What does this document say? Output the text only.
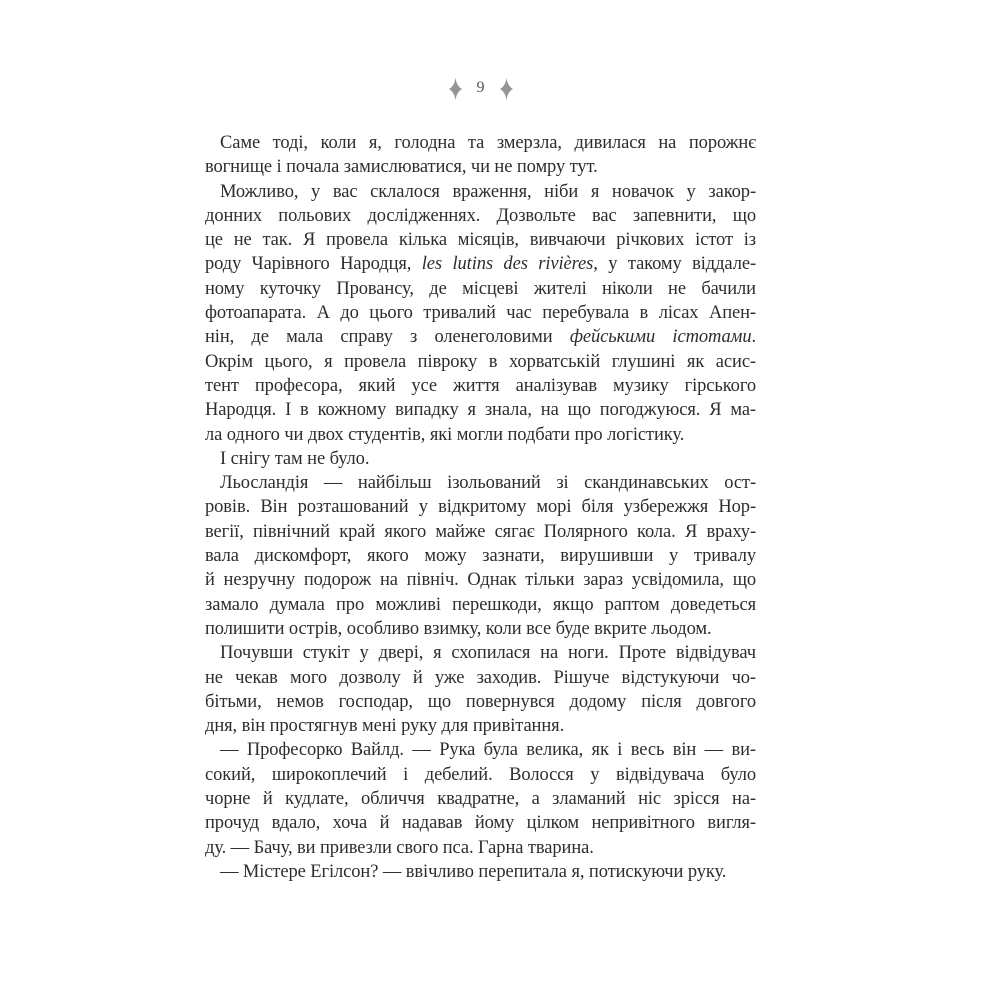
9
Саме тоді, коли я, голодна та змерзла, дивилася на порожнє
вогнище і почала замислюватися, чи не помру тут.
Можливо, у вас склалося враження, ніби я новачок у закор-
донних польових дослідженнях. Дозвольте вас запевнити, що
це не так. Я провела кілька місяців, вивчаючи річкових істот із
роду Чарівного Народця, les lutins des rivières, у такому віддале-
ному куточку Провансу, де місцеві жителі ніколи не бачили
фотоапарата. А до цього тривалий час перебувала в лісах Апен-
нін, де мала справу з оленеголовими фейськими істотами.
Окрім цього, я провела півроку в хорватській глушині як асис-
тент професора, який усе життя аналізував музику гірського
Народця. І в кожному випадку я знала, на що погоджуюся. Я ма-
ла одного чи двох студентів, які могли подбати про логістику.
І снігу там не було.
Льосландія — найбільш ізольований зі скандинавських ост-
ровів. Він розташований у відкритому морі біля узбережжя Нор-
вегії, північний край якого майже сягає Полярного кола. Я враху-
вала дискомфорт, якого можу зазнати, вирушивши у тривалу
й незручну подорож на північ. Однак тільки зараз усвідомила, що
замало думала про можливі перешкоди, якщо раптом доведеться
полишити острів, особливо взимку, коли все буде вкрите льодом.
Почувши стукіт у двері, я схопилася на ноги. Проте відвідувач
не чекав мого дозволу й уже заходив. Рішуче відстукуючи чо-
бітьми, немов господар, що повернувся додому після довгого
дня, він простягнув мені руку для привітання.
— Професорко Вайлд. — Рука була велика, як і весь він — ви-
сокий, широкоплечий і дебелий. Волосся у відвідувача було
чорне й кудлате, обличчя квадратне, а зламаний ніс зрісся на-
прочуд вдало, хоча й надавав йому цілком непривітного вигля-
ду. — Бачу, ви привезли свого пса. Гарна тварина.
— Містере Егілсон? — ввічливо перепитала я, потискуючи руку.
